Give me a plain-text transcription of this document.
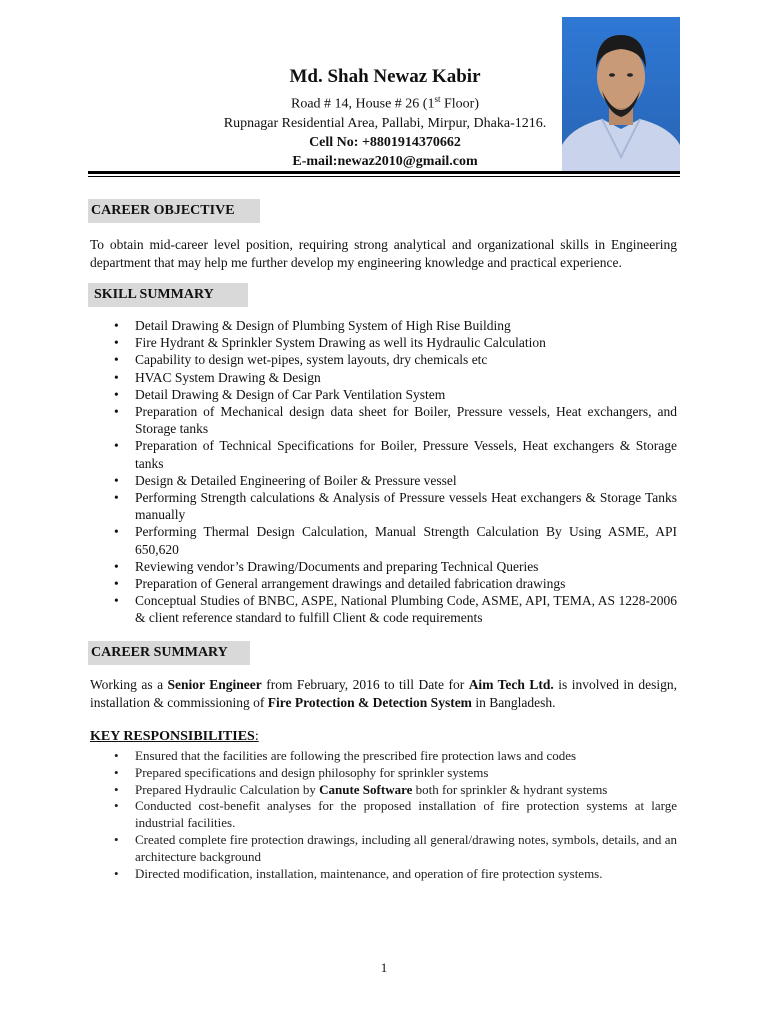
Md. Shah Newaz Kabir
Road # 14, House # 26 (1st Floor)
Rupnagar Residential Area, Pallabi, Mirpur, Dhaka-1216.
Cell No: +8801914370662
E-mail:newaz2010@gmail.com
CAREER OBJECTIVE
To obtain mid-career level position, requiring strong analytical and organizational skills in Engineering department that may help me further develop my engineering knowledge and practical experience.
SKILL SUMMARY
• Detail Drawing & Design of Plumbing System of High Rise Building
• Fire Hydrant & Sprinkler System Drawing as well its Hydraulic Calculation
• Capability to design wet-pipes, system layouts, dry chemicals etc
• HVAC System Drawing & Design
• Detail Drawing & Design of Car Park Ventilation System
• Preparation of Mechanical design data sheet for Boiler, Pressure vessels, Heat exchangers, and Storage tanks
• Preparation of Technical Specifications for Boiler, Pressure Vessels, Heat exchangers & Storage tanks
• Design & Detailed Engineering of Boiler & Pressure vessel
• Performing Strength calculations & Analysis of Pressure vessels Heat exchangers & Storage Tanks manually
• Performing Thermal Design Calculation, Manual Strength Calculation By Using ASME, API 650,620
• Reviewing vendor’s Drawing/Documents and preparing Technical Queries
• Preparation of General arrangement drawings and detailed fabrication drawings
• Conceptual Studies of BNBC, ASPE, National Plumbing Code, ASME, API, TEMA, AS 1228-2006 & client reference standard to fulfill Client & code requirements
CAREER SUMMARY
Working as a Senior Engineer from February, 2016 to till Date for Aim Tech Ltd. is involved in design, installation & commissioning of Fire Protection & Detection System in Bangladesh.
KEY RESPONSIBILITIES:
• Ensured that the facilities are following the prescribed fire protection laws and codes
• Prepared specifications and design philosophy for sprinkler systems
• Prepared Hydraulic Calculation by Canute Software both for sprinkler & hydrant systems
• Conducted cost-benefit analyses for the proposed installation of fire protection systems at large industrial facilities.
• Created complete fire protection drawings, including all general/drawing notes, symbols, details, and an architecture background
• Directed modification, installation, maintenance, and operation of fire protection systems.
1
